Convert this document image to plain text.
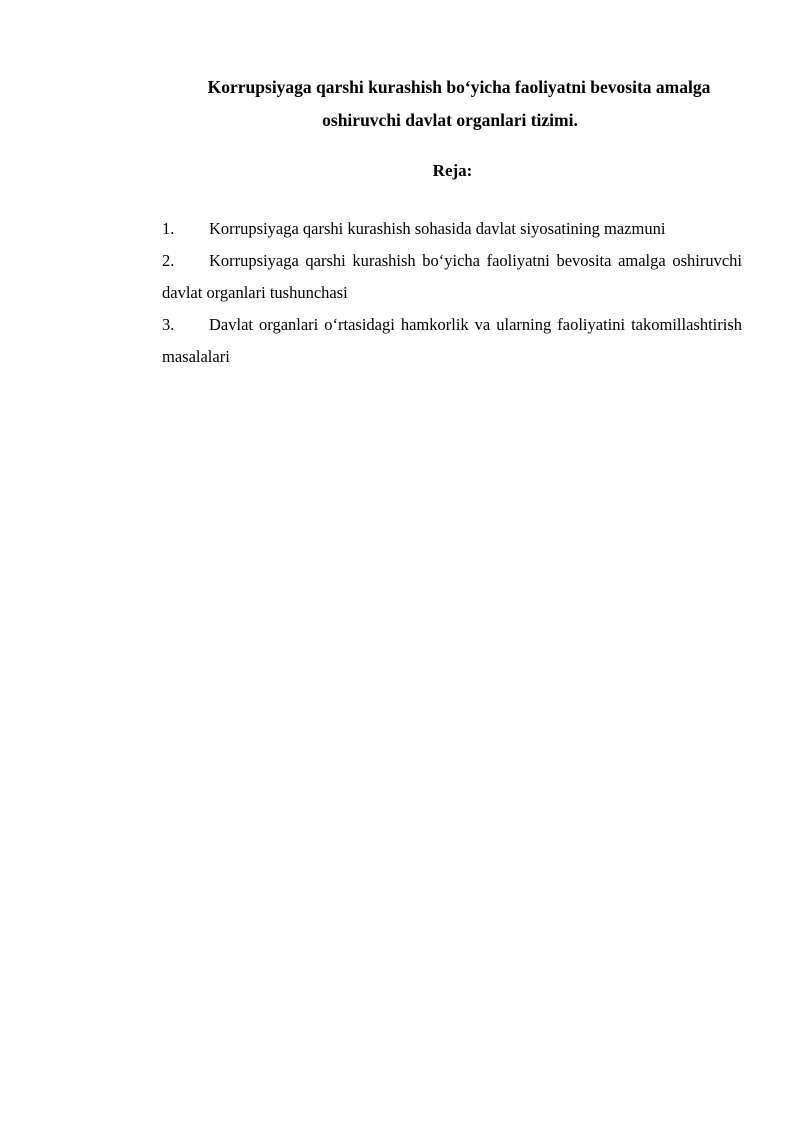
Korrupsiyaga qarshi kurashish bo‘yicha faoliyatni bevosita amalga
oshiruvchi davlat organlari tizimi.
Reja:
1. Korrupsiyaga qarshi kurashish sohasida davlat siyosatining mazmuni
2. Korrupsiyaga qarshi kurashish bo‘yicha faoliyatni bevosita amalga oshiruvchi davlat organlari tushunchasi
3. Davlat organlari o‘rtasidagi hamkorlik va ularning faoliyatini takomillashtirish masalalari
